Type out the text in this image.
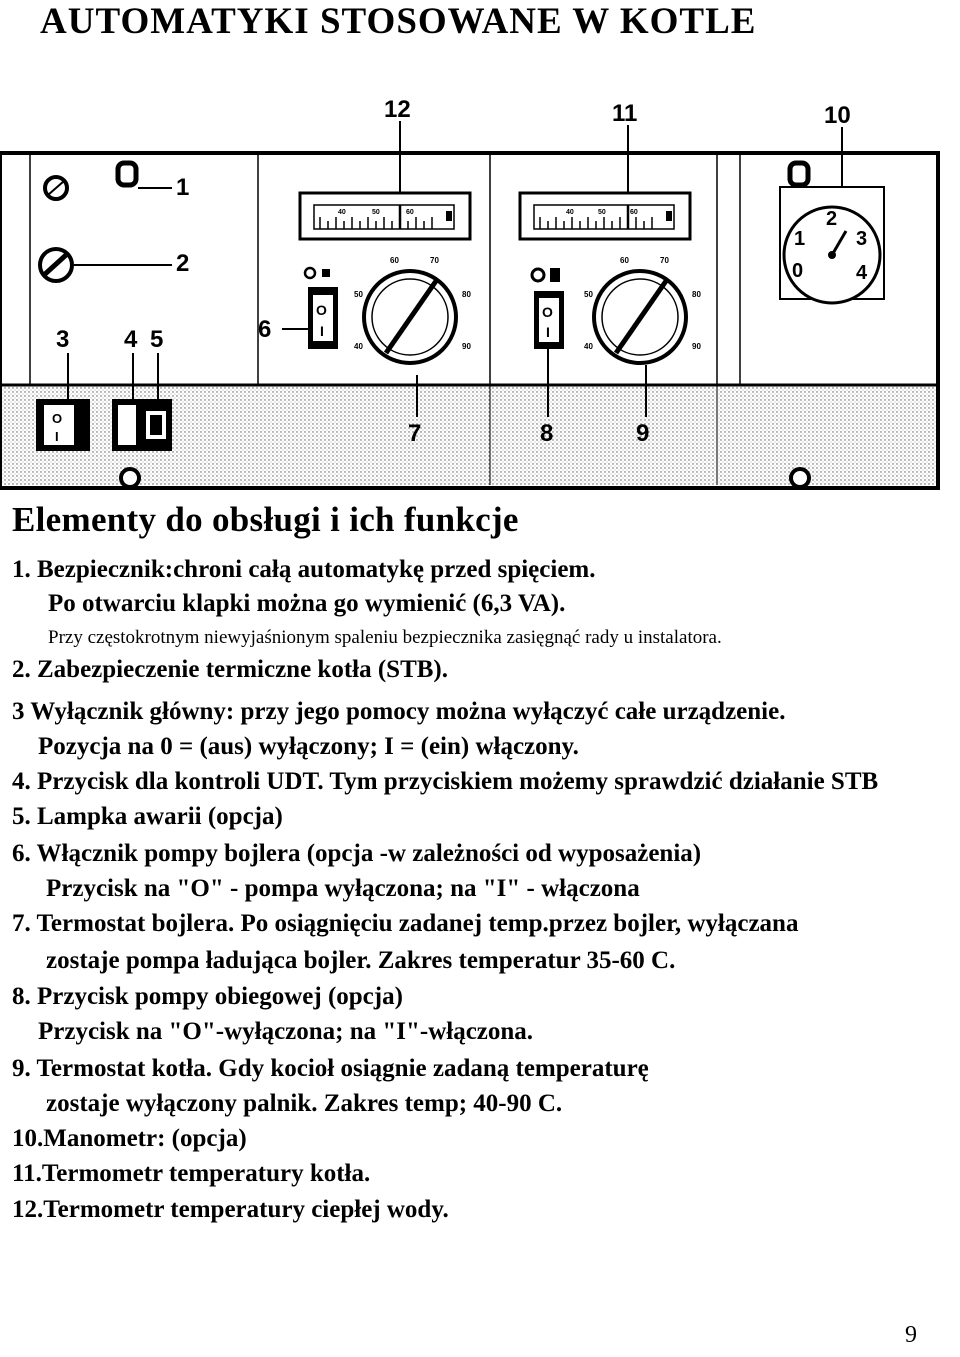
AUTOMATYKI STOSOWANE W KOTLE
1
2
3 4 5	6
7	8	9
10
11
12
40	50	60	40	50	60
O
I
40
50
60	70
80
90
O
I
40
50
60	70
80
90
0
1
2
3
4
O
I
Elementy do obsługi i ich funkcje
1. Bezpiecznik:chroni całą automatykę przed spięciem.
Po otwarciu klapki można go wymienić (6,3 VA).
Przy częstokrotnym niewyjaśnionym spaleniu bezpiecznika zasięgnąć rady u instalatora.
2. Zabezpieczenie termiczne kotła (STB).
3 Wyłącznik główny: przy jego pomocy można wyłączyć całe urządzenie.
Pozycja na 0 = (aus) wyłączony; I = (ein) włączony.
4. Przycisk dla kontroli UDT. Tym przyciskiem możemy sprawdzić działanie STB
5. Lampka awarii (opcja)
6. Włącznik pompy bojlera (opcja -w zależności od wyposażenia)
Przycisk na "O" - pompa wyłączona; na "I" - włączona
7. Termostat bojlera. Po osiągnięciu zadanej temp.przez bojler, wyłączana
zostaje pompa ładująca bojler. Zakres temperatur 35-60 C.
8. Przycisk pompy obiegowej (opcja)
Przycisk na "O"-wyłączona; na "I"-włączona.
9. Termostat kotła. Gdy kocioł osiągnie zadaną temperaturę
zostaje wyłączony palnik. Zakres temp; 40-90 C.
10.Manometr: (opcja)
11.Termometr temperatury kotła.
12.Termometr temperatury ciepłej wody.
9
